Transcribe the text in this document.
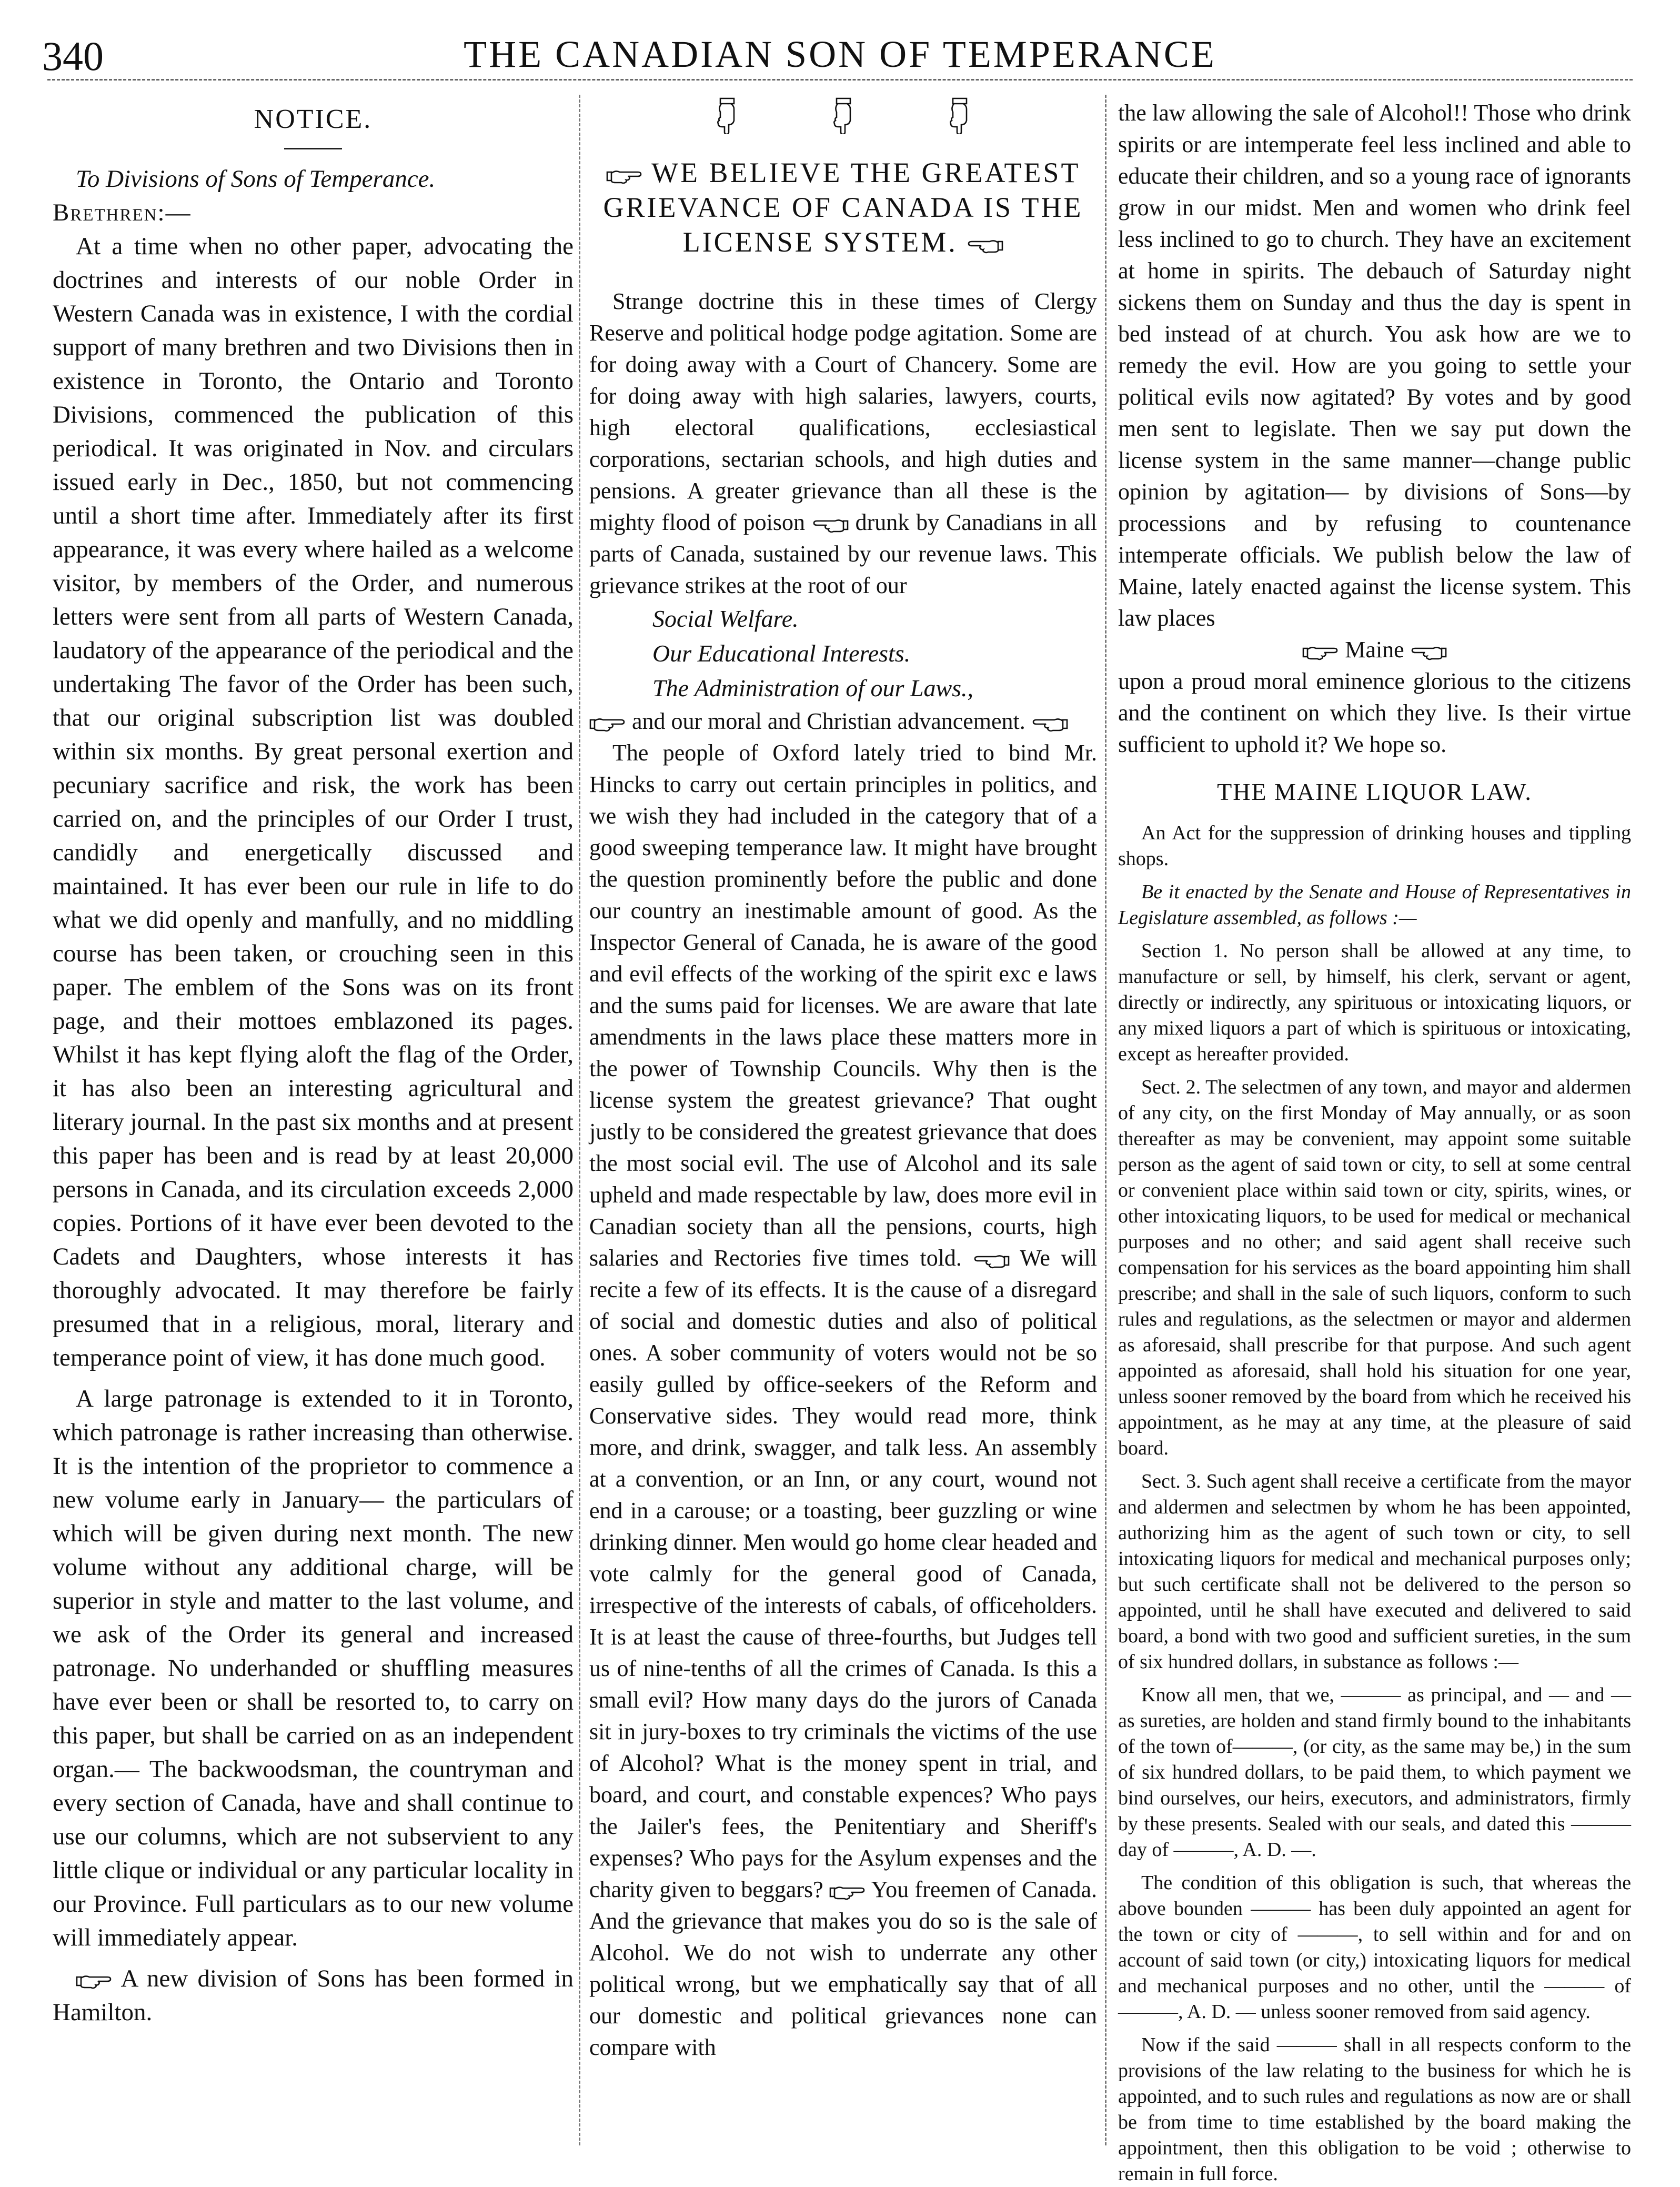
340	THE CANADIAN SON OF TEMPERANCE
NOTICE.

To Divisions of Sons of Temperance.

Brethren:—

At a time when no other paper, advocating the doctrines and interests of our noble Order in Western Canada was in existence, I with the cordial support of many brethren and two Divisions then in existence in Toronto, the Ontario and Toronto Divisions, commenced the publication of this periodical. It was originated in Nov. and circulars issued early in Dec., 1850, but not commencing until a short time after. Immediately after its first appearance, it was every where hailed as a welcome visitor, by members of the Order, and numerous letters were sent from all parts of Western Canada, laudatory of the appearance of the periodical and the undertaking The favor of the Order has been such, that our original subscription list was doubled within six months. By great personal exertion and pecuniary sacrifice and risk, the work has been carried on, and the principles of our Order I trust, candidly and energetically discussed and maintained. It has ever been our rule in life to do what we did openly and manfully, and no middling course has been taken, or crouching seen in this paper. The emblem of the Sons was on its front page, and their mottoes emblazoned its pages. Whilst it has kept flying aloft the flag of the Order, it has also been an interesting agricultural and literary journal. In the past six months and at present this paper has been and is read by at least 20,000 persons in Canada, and its circulation exceeds 2,000 copies. Portions of it have ever been devoted to the Cadets and Daughters, whose interests it has thoroughly advocated. It may therefore be fairly presumed that in a religious, moral, literary and temperance point of view, it has done much good.

A large patronage is extended to it in Toronto, which patronage is rather increasing than otherwise. It is the intention of the proprietor to commence a new volume early in January— the particulars of which will be given during next month. The new volume without any additional charge, will be superior in style and matter to the last volume, and we ask of the Order its general and increased patronage. No underhanded or shuffling measures have ever been or shall be resorted to, to carry on this paper, but shall be carried on as an independent organ.— The backwoodsman, the countryman and every section of Canada, have and shall continue to use our columns, which are not subservient to any little clique or individual or any particular locality in our Province. Full particulars as to our new volume will immediately appear.

A new division of Sons has been formed in Hamilton.

WE BELIEVE THE GREATEST GRIEVANCE OF CANADA IS THE LICENSE SYSTEM.

Strange doctrine this in these times of Clergy Reserve and political hodge podge agitation. Some are for doing away with a Court of Chancery. Some are for doing away with high salaries, lawyers, courts, high electoral qualifications, ecclesiastical corporations, sectarian schools, and high duties and pensions. A greater grievance than all these is the mighty flood of poison drunk by Canadians in all parts of Canada, sustained by our revenue laws. This grievance strikes at the root of our

Social Welfare.

Our Educational Interests.

The Administration of our Laws.,

and our moral and Christian advancement.

The people of Oxford lately tried to bind Mr. Hincks to carry out certain principles in politics, and we wish they had included in the category that of a good sweeping temperance law. It might have brought the question prominently before the public and done our country an inestimable amount of good. As the Inspector General of Canada, he is aware of the good and evil effects of the working of the spirit exc e laws and the sums paid for licenses. We are aware that late amendments in the laws place these matters more in the power of Township Councils. Why then is the license system the greatest grievance? That ought justly to be considered the greatest grievance that does the most social evil. The use of Alcohol and its sale upheld and made respectable by law, does more evil in Canadian society than all the pensions, courts, high salaries and Rectories five times told.	We will recite a few of its effects. It is the cause of a disregard of social and domestic duties and also of political ones. A sober community of voters would not be so easily gulled by office-seekers of the Reform and Conservative sides. They would read more, think more, and drink, swagger, and talk less. An assembly at a convention, or an Inn, or any court, wound not end in a carouse; or a toasting, beer guzzling or wine drinking dinner. Men would go home clear headed and vote calmly for the general good of Canada, irrespective of the interests of cabals, of officeholders. It is at least the cause of three-fourths, but Judges tell us of nine-tenths of all the crimes of Canada. Is this a small evil? How many days do the jurors of Canada sit in jury-boxes to try criminals the victims of the use of Alcohol? What is the money spent in trial, and board, and court, and constable expences? Who pays the Jailer's fees, the Penitentiary and Sheriff's expenses? Who pays for the Asylum expenses and the charity given to beggars? You freemen of Canada. And the grievance that makes you do so is the sale of Alcohol. We do not wish to underrate any other political wrong, but we emphatically say that of all our domestic and political grievances none can compare with

the law allowing the sale of Alcohol!! Those who drink spirits or are intemperate feel less inclined and able to educate their children, and so a young race of ignorants grow in our midst. Men and women who drink feel less inclined to go to church. They have an excitement at home in spirits. The debauch of Saturday night sickens them on Sunday and thus the day is spent in bed instead of at church. You ask how are we to remedy the evil. How are you going to settle your political evils now agitated? By votes and by good men sent to legislate. Then we say put down the license system in the same manner—change public opinion by agitation— by divisions of Sons—by processions and by refusing to countenance intemperate officials. We publish below the law of Maine, lately enacted against the license system. This law places

Maine

upon a proud moral eminence glorious to the citizens and the continent on which they live. Is their virtue sufficient to uphold it? We hope so.

THE MAINE LIQUOR LAW.

An Act for the suppression of drinking houses and tippling shops.

Be it enacted by the Senate and House of Representatives in Legislature assembled, as follows :—

Section 1. No person shall be allowed at any time, to manufacture or sell, by himself, his clerk, servant or agent, directly or indirectly, any spirituous or intoxicating liquors, or any mixed liquors a part of which is spirituous or intoxicating, except as hereafter provided.

Sect. 2. The selectmen of any town, and mayor and aldermen of any city, on the first Monday of May annually, or as soon thereafter as may be convenient, may appoint some suitable person as the agent of said town or city, to sell at some central or convenient place within said town or city, spirits, wines, or other intoxicating liquors, to be used for medical or mechanical purposes and no other; and said agent shall receive such compensation for his services as the board appointing him shall prescribe; and shall in the sale of such liquors, conform to such rules and regulations, as the selectmen or mayor and aldermen as aforesaid, shall prescribe for that purpose. And such agent appointed as aforesaid, shall hold his situation for one year, unless sooner removed by the board from which he received his appointment, as he may at any time, at the pleasure of said board.

Sect. 3. Such agent shall receive a certificate from the mayor and aldermen and selectmen by whom he has been appointed, authorizing him as the agent of such town or city, to sell intoxicating liquors for medical and mechanical purposes only; but such certificate shall not be delivered to the person so appointed, until he shall have executed and delivered to said board, a bond with two good and sufficient sureties, in the sum of six hundred dollars, in substance as follows :—

Know all men, that we, ——— as principal, and — and — as sureties, are holden and stand firmly bound to the inhabitants of the town of———, (or city, as the same may be,) in the sum of six hundred dollars, to be paid them, to which payment we bind ourselves, our heirs, executors, and administrators, firmly by these presents. Sealed with our seals, and dated this ——— day of ———, A. D. —.

The condition of this obligation is such, that whereas the above bounden ——— has been duly appointed an agent for the town or city of ———, to sell within and for and on account of said town (or city,) intoxicating liquors for medical and mechanical purposes and no other, until the ——— of ———, A. D. — unless sooner removed from said agency.

Now if the said ——— shall in all respects conform to the provisions of the law relating to the business for which he is appointed, and to such rules and regulations as now are or shall be from time to time established by the board making the appointment, then this obligation to be void ; otherwise to remain in full force.
